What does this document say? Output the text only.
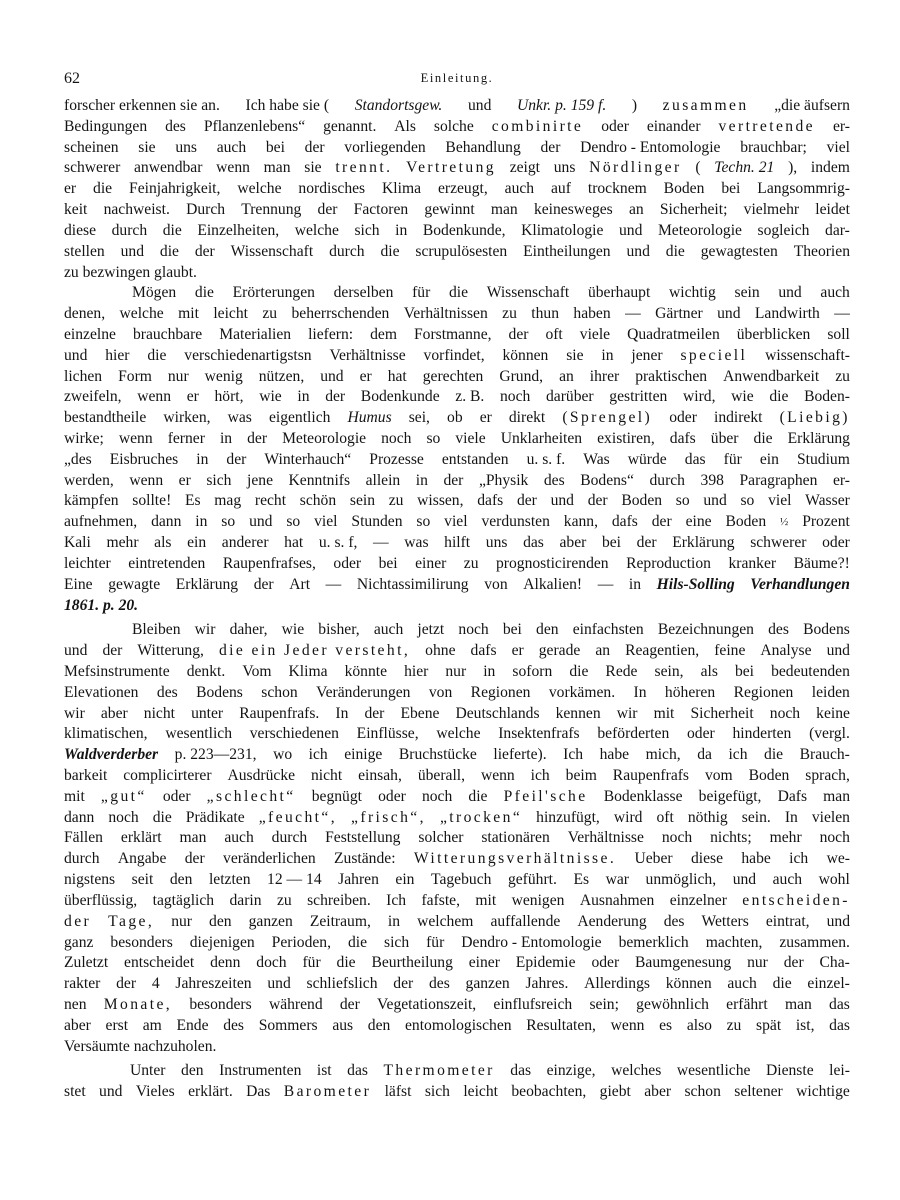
62	Einleitung.
forscher erkennen sie an. Ich habe sie ( Standortsgew. und Unkr. p. 159 f. ) zusammen „die äufsern
Bedingungen des Pflanzenlebens“ genannt. Als solche combinirte oder einander vertretende er-
scheinen sie uns auch bei der vorliegenden Behandlung der Dendro - Entomologie brauchbar; viel
schwerer anwendbar wenn man sie trennt. Vertretung zeigt uns Nördlinger ( Techn. 21 ), indem
er die Feinjahrigkeit, welche nordisches Klima erzeugt, auch auf trocknem Boden bei Langsommrig-
keit nachweist. Durch Trennung der Factoren gewinnt man keinesweges an Sicherheit; vielmehr leidet
diese durch die Einzelheiten, welche sich in Bodenkunde, Klimatologie und Meteorologie sogleich dar-
stellen und die der Wissenschaft durch die scrupulösesten Eintheilungen und die gewagtesten Theorien
zu bezwingen glaubt.
Mögen die Erörterungen derselben für die Wissenschaft überhaupt wichtig sein und auch
denen, welche mit leicht zu beherrschenden Verhältnissen zu thun haben — Gärtner und Landwirth —
einzelne brauchbare Materialien liefern: dem Forstmanne, der oft viele Quadratmeilen überblicken soll
und hier die verschiedenartigstsn Verhältnisse vorfindet, können sie in jener speciell wissenschaft-
lichen Form nur wenig nützen, und er hat gerechten Grund, an ihrer praktischen Anwendbarkeit zu
zweifeln, wenn er hört, wie in der Bodenkunde z. B. noch darüber gestritten wird, wie die Boden-
bestandtheile wirken, was eigentlich Humus sei, ob er direkt (Sprengel) oder indirekt (Liebig)
wirke; wenn ferner in der Meteorologie noch so viele Unklarheiten existiren, dafs über die Erklärung
„des Eisbruches in der Winterhauch“ Prozesse entstanden u. s. f. Was würde das für ein Studium
werden, wenn er sich jene Kenntnifs allein in der „Physik des Bodens“ durch 398 Paragraphen er-
kämpfen sollte! Es mag recht schön sein zu wissen, dafs der und der Boden so und so viel Wasser
aufnehmen, dann in so und so viel Stunden so viel verdunsten kann, dafs der eine Boden ½ Prozent
Kali mehr als ein anderer hat u. s. f, — was hilft uns das aber bei der Erklärung schwerer oder
leichter eintretenden Raupenfrafses, oder bei einer zu prognosticirenden Reproduction kranker Bäume?!
Eine gewagte Erklärung der Art — Nichtassimilirung von Alkalien! — in Hils-Solling Verhandlungen
1861. p. 20.
Bleiben wir daher, wie bisher, auch jetzt noch bei den einfachsten Bezeichnungen des Bodens
und der Witterung, die ein Jeder versteht, ohne dafs er gerade an Reagentien, feine Analyse und
Mefsinstrumente denkt. Vom Klima könnte hier nur in soforn die Rede sein, als bei bedeutenden
Elevationen des Bodens schon Veränderungen von Regionen vorkämen. In höheren Regionen leiden
wir aber nicht unter Raupenfrafs. In der Ebene Deutschlands kennen wir mit Sicherheit noch keine
klimatischen, wesentlich verschiedenen Einflüsse, welche Insektenfrafs beförderten oder hinderten (vergl.
Waldverderber p. 223—231, wo ich einige Bruchstücke lieferte). Ich habe mich, da ich die Brauch-
barkeit complicirterer Ausdrücke nicht einsah, überall, wenn ich beim Raupenfrafs vom Boden sprach,
mit „gut“ oder „schlecht“ begnügt oder noch die Pfeil'sche Bodenklasse beigefügt, Dafs man
dann noch die Prädikate „feucht“, „frisch“, „trocken“ hinzufügt, wird oft nöthig sein. In vielen
Fällen erklärt man auch durch Feststellung solcher stationären Verhältnisse noch nichts; mehr noch
durch Angabe der veränderlichen Zustände: Witterungsverhältnisse. Ueber diese habe ich we-
nigstens seit den letzten 12 — 14 Jahren ein Tagebuch geführt. Es war unmöglich, und auch wohl
überflüssig, tagtäglich darin zu schreiben. Ich fafste, mit wenigen Ausnahmen einzelner entscheiden-
der Tage, nur den ganzen Zeitraum, in welchem auffallende Aenderung des Wetters eintrat, und
ganz besonders diejenigen Perioden, die sich für Dendro - Entomologie bemerklich machten, zusammen.
Zuletzt entscheidet denn doch für die Beurtheilung einer Epidemie oder Baumgenesung nur der Cha-
rakter der 4 Jahreszeiten und schliefslich der des ganzen Jahres. Allerdings können auch die einzel-
nen Monate, besonders während der Vegetationszeit, einflufsreich sein; gewöhnlich erfährt man das
aber erst am Ende des Sommers aus den entomologischen Resultaten, wenn es also zu spät ist, das
Versäumte nachzuholen.
Unter den Instrumenten ist das Thermometer das einzige, welches wesentliche Dienste lei-
stet und Vieles erklärt. Das Barometer läfst sich leicht beobachten, giebt aber schon seltener wichtige
